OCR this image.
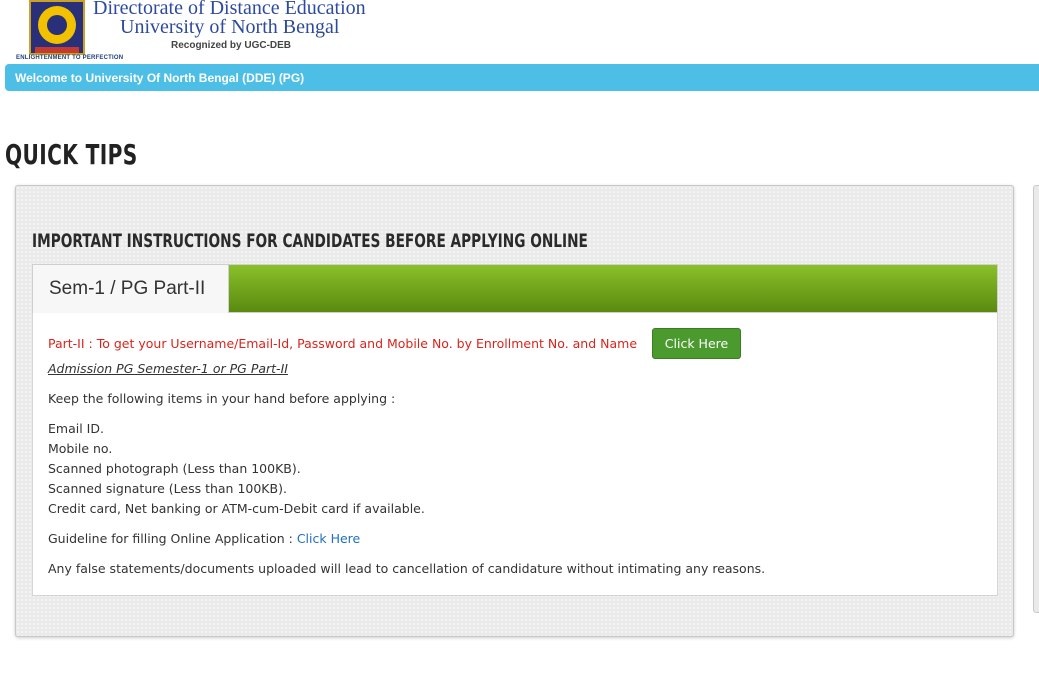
ENLIGHTENMENT TO PERFECTION
Directorate of Distance Education
University of North Bengal
Recognized by UGC-DEB
Welcome to University Of North Bengal (DDE) (PG)
QUICK TIPS
IMPORTANT INSTRUCTIONS FOR CANDIDATES BEFORE APPLYING ONLINE
Sem-1 / PG Part-II
Part-II : To get your Username/Email-Id, Password and Mobile No. by Enrollment No. and Name	Click Here
Admission PG Semester-1 or PG Part-II
Keep the following items in your hand before applying :
Email ID.
Mobile no.
Scanned photograph (Less than 100KB).
Scanned signature (Less than 100KB).
Credit card, Net banking or ATM-cum-Debit card if available.
Guideline for filling Online Application : Click Here
Any false statements/documents uploaded will lead to cancellation of candidature without intimating any reasons.
